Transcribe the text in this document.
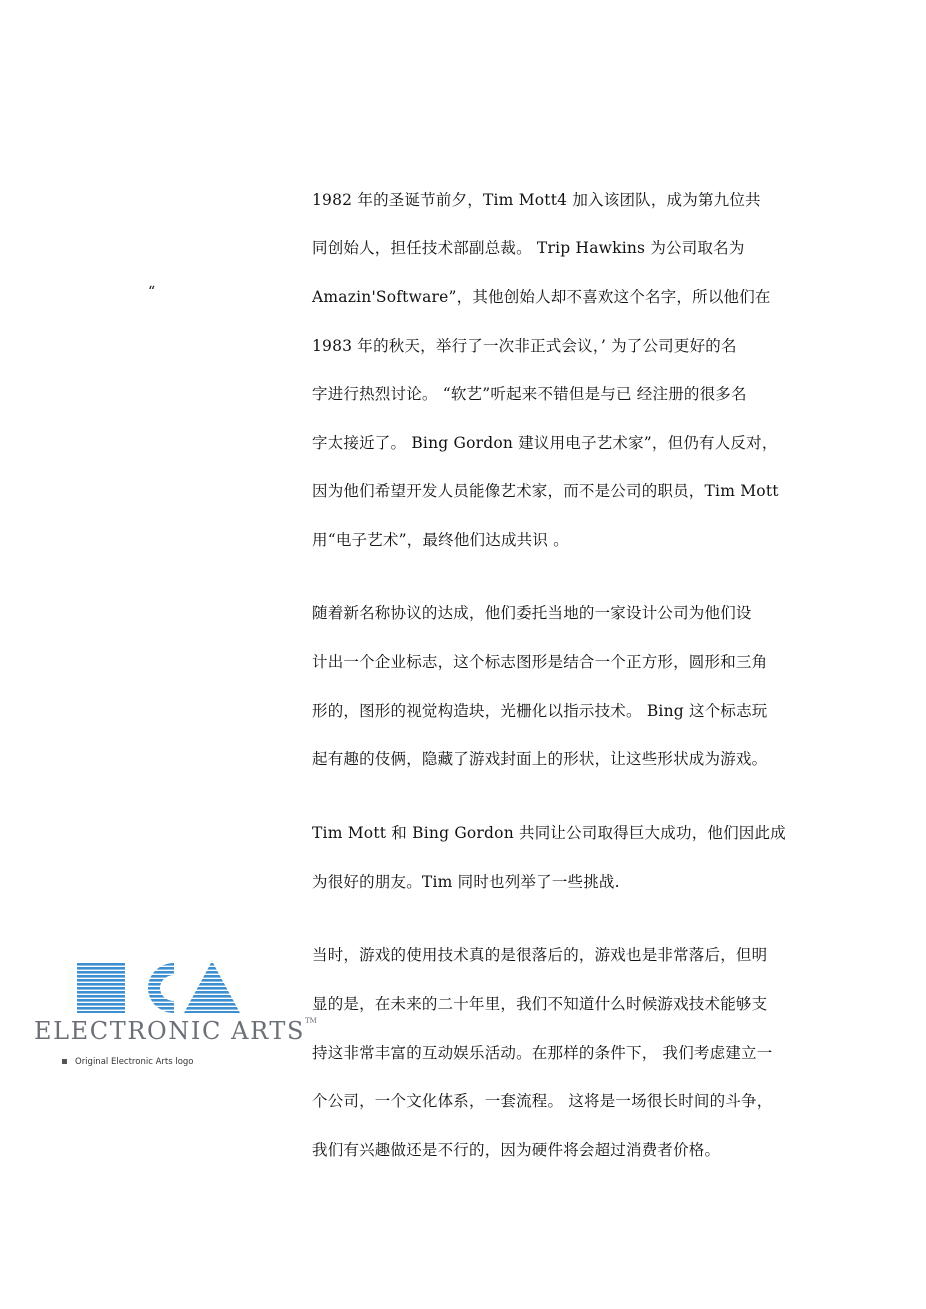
“
1982 年的圣诞节前夕，Tim Mott4 加入该团队，成为第九位共
同创始人，担任技术部副总裁。 Trip Hawkins 为公司取名为
Amazin'Software”，其他创始人却不喜欢这个名字，所以他们在
1983 年的秋天，举行了一次非正式会议，’ 为了公司更好的名
字进行热烈讨论。 “软艺”听起来不错但是与已 经注册的很多名
字太接近了。 Bing Gordon 建议用电子艺术家”，但仍有人反对，
因为他们希望开发人员能像艺术家，而不是公司的职员，Tim Mott
用“电子艺术”，最终他们达成共识 。
随着新名称协议的达成，他们委托当地的一家设计公司为他们设
计出一个企业标志，这个标志图形是结合一个正方形，圆形和三角
形的，图形的视觉构造块，光栅化以指示技术。 Bing 这个标志玩
起有趣的伎俩，隐藏了游戏封面上的形状，让这些形状成为游戏。
Tim Mott 和 Bing Gordon 共同让公司取得巨大成功，他们因此成
为很好的朋友。Tim 同时也列举了一些挑战.
当时，游戏的使用技术真的是很落后的，游戏也是非常落后，但明
显的是，在未来的二十年里，我们不知道什么时候游戏技术能够支
持这非常丰富的互动娱乐活动。在那样的条件下， 我们考虑建立一
个公司，一个文化体系，一套流程。 这将是一场很长时间的斗争，
我们有兴趣做还是不行的，因为硬件将会超过消费者价格。
ELECTRONIC ARTS™
Original Electronic Arts logo
